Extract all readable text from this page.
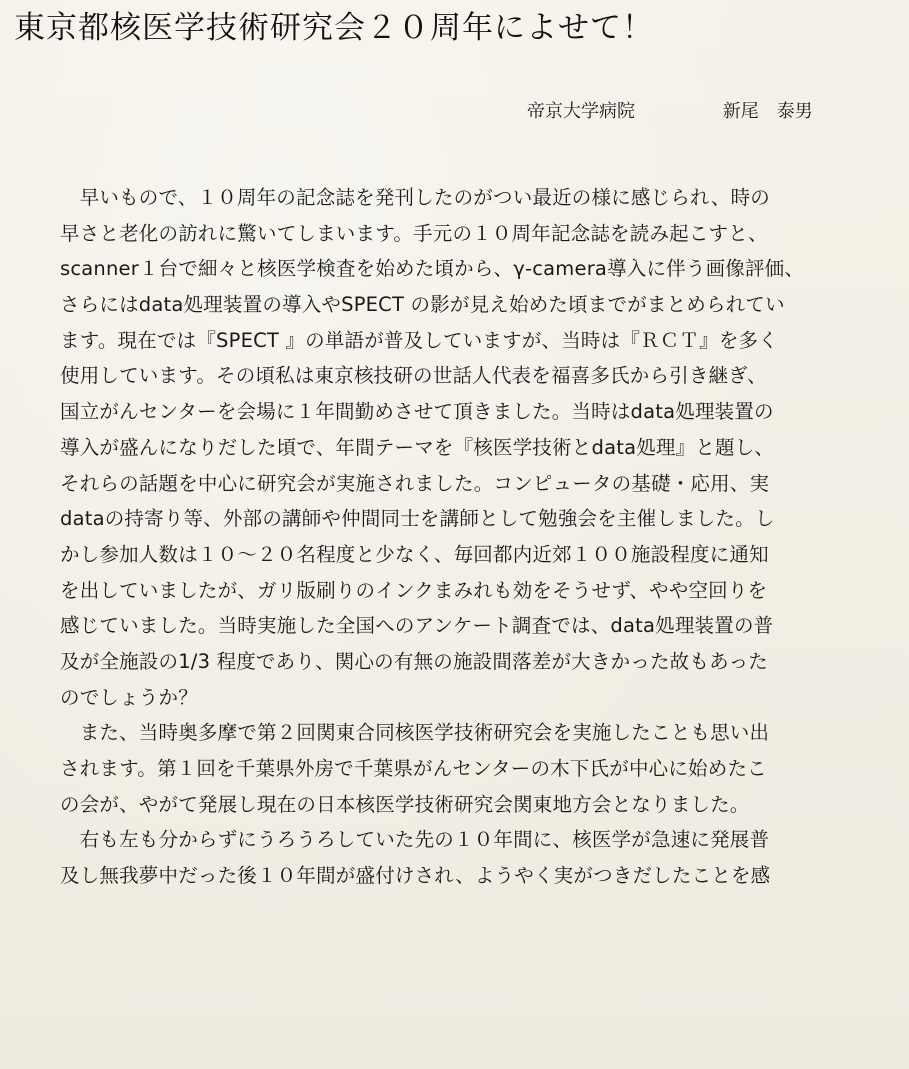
東京都核医学技術研究会２０周年によせて！
帝京大学病院	新尾　泰男
　早いもので、１０周年の記念誌を発刊したのがつい最近の様に感じられ、時の
早さと老化の訪れに驚いてしまいます。手元の１０周年記念誌を読み起こすと、
scanner１台で細々と核医学検査を始めた頃から、γ-camera導入に伴う画像評価、
さらにはdata処理装置の導入やSPECT の影が見え始めた頃までがまとめられてい
ます。現在では『SPECT 』の単語が普及していますが、当時は『ＲＣＴ』を多く
使用しています。その頃私は東京核技研の世話人代表を福喜多氏から引き継ぎ、
国立がんセンターを会場に１年間勤めさせて頂きました。当時はdata処理装置の
導入が盛んになりだした頃で、年間テーマを『核医学技術とdata処理』と題し、
それらの話題を中心に研究会が実施されました。コンピュータの基礎・応用、実
dataの持寄り等、外部の講師や仲間同士を講師として勉強会を主催しました。し
かし参加人数は１０～２０名程度と少なく、毎回都内近郊１００施設程度に通知
を出していましたが、ガリ版刷りのインクまみれも効をそうせず、やや空回りを
感じていました。当時実施した全国へのアンケート調査では、data処理装置の普
及が全施設の1/3 程度であり、関心の有無の施設間落差が大きかった故もあった
のでしょうか？
　また、当時奥多摩で第２回関東合同核医学技術研究会を実施したことも思い出
されます。第１回を千葉県外房で千葉県がんセンターの木下氏が中心に始めたこ
の会が、やがて発展し現在の日本核医学技術研究会関東地方会となりました。
　右も左も分からずにうろうろしていた先の１０年間に、核医学が急速に発展普
及し無我夢中だった後１０年間が盛付けされ、ようやく実がつきだしたことを感
